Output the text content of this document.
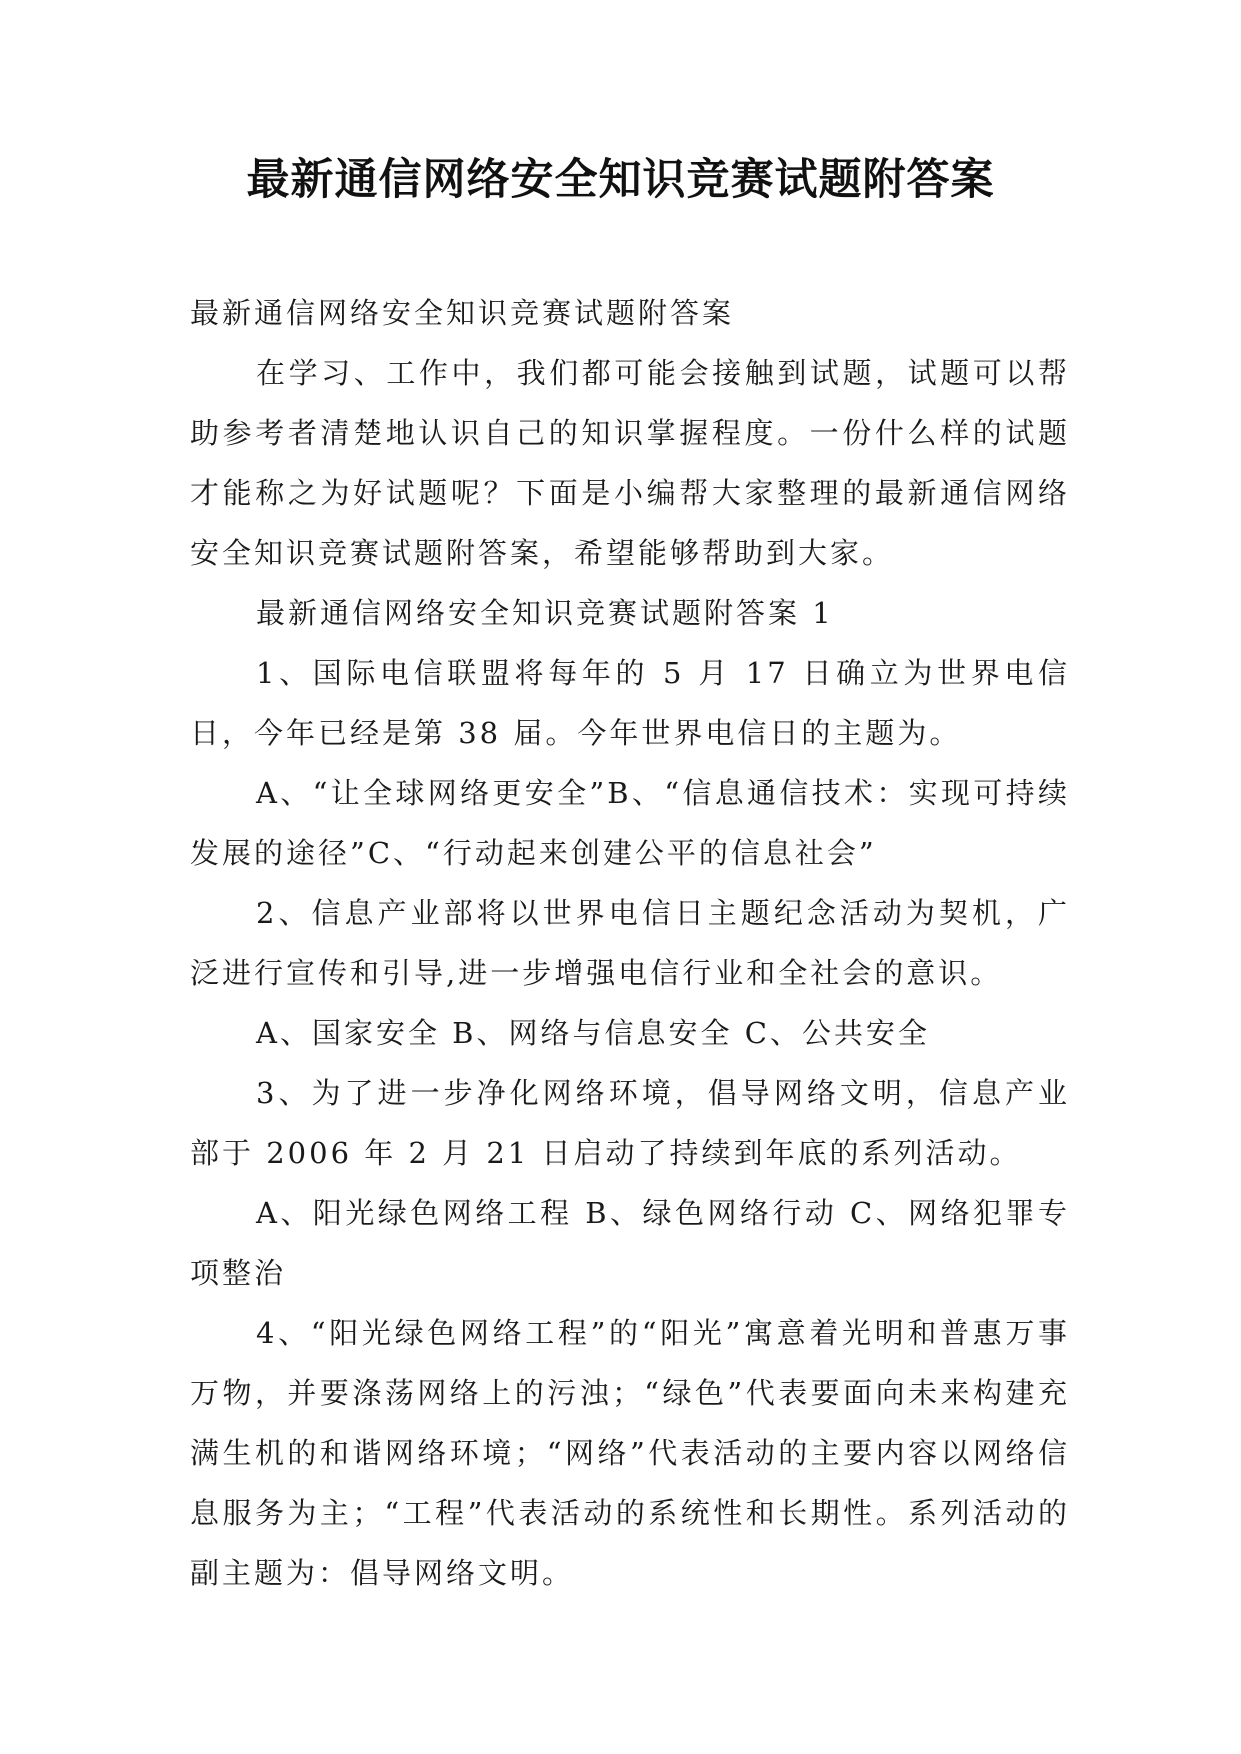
最新通信网络安全知识竞赛试题附答案

最新通信网络安全知识竞赛试题附答案

在学习、工作中，我们都可能会接触到试题，试题可以帮助参考者清楚地认识自己的知识掌握程度。一份什么样的试题才能称之为好试题呢？下面是小编帮大家整理的最新通信网络安全知识竞赛试题附答案，希望能够帮助到大家。

最新通信网络安全知识竞赛试题附答案 1

1、国际电信联盟将每年的 5 月 17 日确立为世界电信日，今年已经是第 38 届。今年世界电信日的主题为。

A、“让全球网络更安全”B、“信息通信技术：实现可持续发展的途径”C、“行动起来创建公平的信息社会”

2、信息产业部将以世界电信日主题纪念活动为契机，广泛进行宣传和引导,进一步增强电信行业和全社会的意识。

A、国家安全 B、网络与信息安全 C、公共安全

3、为了进一步净化网络环境，倡导网络文明，信息产业部于 2006 年 2 月 21 日启动了持续到年底的系列活动。

A、阳光绿色网络工程 B、绿色网络行动 C、网络犯罪专项整治

4、“阳光绿色网络工程”的“阳光”寓意着光明和普惠万事万物，并要涤荡网络上的污浊；“绿色”代表要面向未来构建充满生机的和谐网络环境；“网络”代表活动的主要内容以网络信息服务为主；“工程”代表活动的系统性和长期性。系列活动的副主题为：倡导网络文明。
